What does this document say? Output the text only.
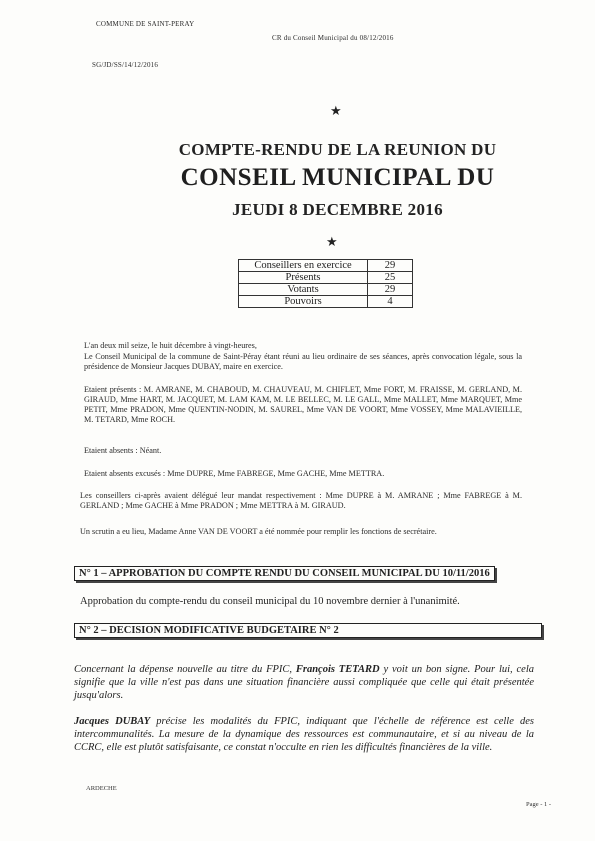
COMMUNE DE SAINT-PERAY
CR du Conseil Municipal du 08/12/2016
SG/JD/SS/14/12/2016
★
COMPTE-RENDU DE LA REUNION DU
CONSEIL MUNICIPAL DU
JEUDI 8 DECEMBRE 2016
★
Conseillers en exercice	29
Présents	25
Votants	29
Pouvoirs	4
L'an deux mil seize, le huit décembre à vingt-heures,
Le Conseil Municipal de la commune de Saint-Péray étant réuni au lieu ordinaire de ses séances, après convocation légale, sous la présidence de Monsieur Jacques DUBAY, maire en exercice.
Etaient présents : M. AMRANE, M. CHABOUD, M. CHAUVEAU, M. CHIFLET, Mme FORT, M. FRAISSE, M. GERLAND, M. GIRAUD, Mme HART, M. JACQUET, M. LAM KAM, M. LE BELLEC, M. LE GALL, Mme MALLET, Mme MARQUET, Mme PETIT, Mme PRADON, Mme QUENTIN-NODIN, M. SAUREL, Mme VAN DE VOORT, Mme VOSSEY, Mme MALAVIEILLE, M. TETARD, Mme ROCH.
Etaient absents : Néant.
Etaient absents excusés : Mme DUPRE, Mme FABREGE, Mme GACHE, Mme METTRA.
Les conseillers ci-après avaient délégué leur mandat respectivement : Mme DUPRE à M. AMRANE ; Mme FABREGE à M. GERLAND ; Mme GACHE à Mme PRADON ; Mme METTRA à M. GIRAUD.
Un scrutin a eu lieu, Madame Anne VAN DE VOORT a été nommée pour remplir les fonctions de secrétaire.
N° 1 – APPROBATION DU COMPTE RENDU DU CONSEIL MUNICIPAL DU 10/11/2016
Approbation du compte-rendu du conseil municipal du 10 novembre dernier à l'unanimité.
N° 2 – DECISION MODIFICATIVE BUDGETAIRE N° 2
Concernant la dépense nouvelle au titre du FPIC, François TETARD y voit un bon signe. Pour lui, cela signifie que la ville n'est pas dans une situation financière aussi compliquée que celle qui était présentée jusqu'alors.
Jacques DUBAY précise les modalités du FPIC, indiquant que l'échelle de référence est celle des intercommunalités. La mesure de la dynamique des ressources est communautaire, et si au niveau de la CCRC, elle est plutôt satisfaisante, ce constat n'occulte en rien les difficultés financières de la ville.
ARDECHE
Page - 1 -
